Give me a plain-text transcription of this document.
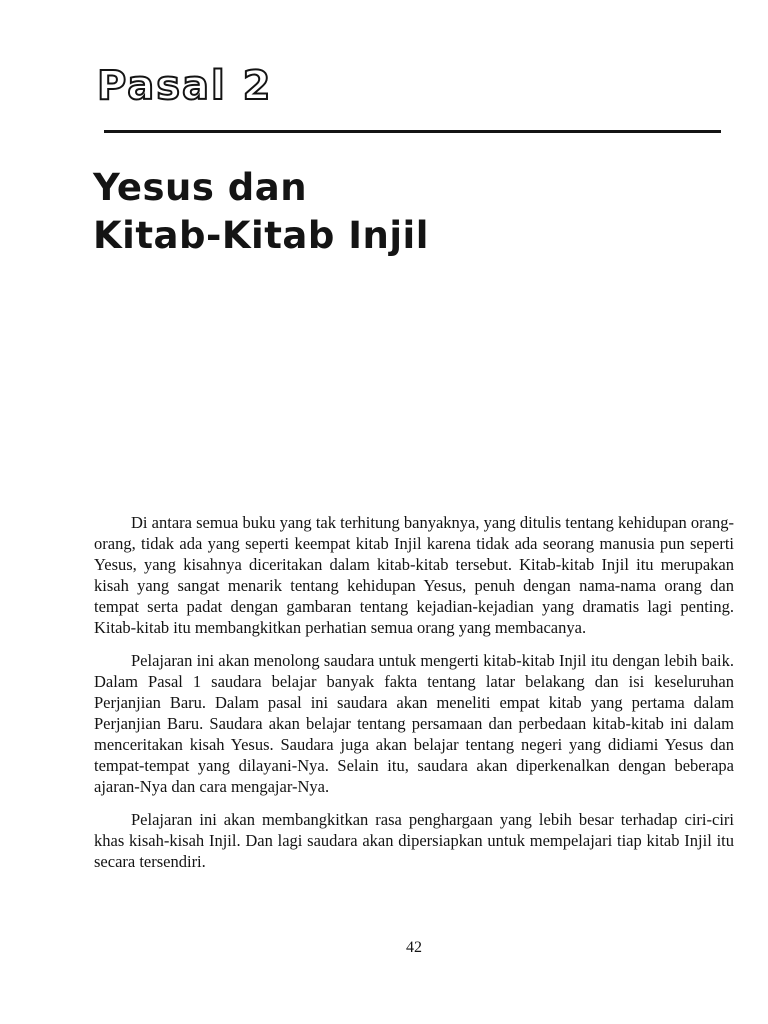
Pasal 2
Yesus dan
Kitab-Kitab Injil

Di antara semua buku yang tak terhitung banyaknya, yang ditulis tentang kehidupan orang-orang, tidak ada yang seperti keempat kitab Injil karena tidak ada seorang manusia pun seperti Yesus, yang kisahnya diceritakan dalam kitab-kitab tersebut. Kitab-kitab Injil itu merupakan kisah yang sangat menarik tentang kehidupan Yesus, penuh dengan nama-nama orang dan tempat serta padat dengan gambaran tentang kejadian-kejadian yang dramatis lagi penting. Kitab-kitab itu membangkitkan perhatian semua orang yang membacanya.

Pelajaran ini akan menolong saudara untuk mengerti kitab-kitab Injil itu dengan lebih baik. Dalam Pasal 1 saudara belajar banyak fakta tentang latar belakang dan isi keseluruhan Perjanjian Baru. Dalam pasal ini saudara akan meneliti empat kitab yang pertama dalam Perjanjian Baru. Saudara akan belajar tentang persamaan dan perbedaan kitab-kitab ini dalam menceritakan kisah Yesus. Saudara juga akan belajar tentang negeri yang didiami Yesus dan tempat-tempat yang dilayani-Nya. Selain itu, saudara akan diperkenalkan dengan beberapa ajaran-Nya dan cara mengajar-Nya.

Pelajaran ini akan membangkitkan rasa penghargaan yang lebih besar terhadap ciri-ciri khas kisah-kisah Injil. Dan lagi saudara akan dipersiapkan untuk mempelajari tiap kitab Injil itu secara tersendiri.

42
